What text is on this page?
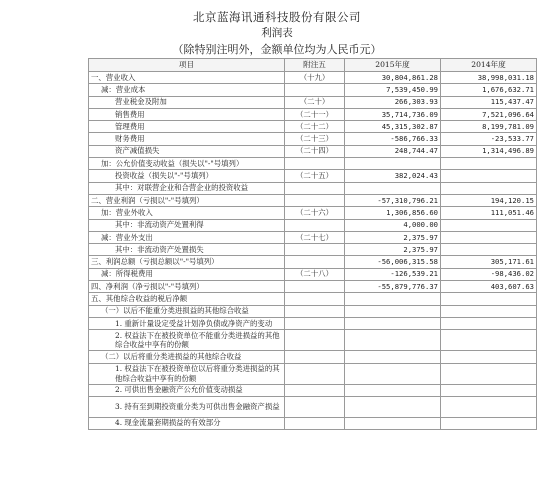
北京蓝海讯通科技股份有限公司
利润表
（除特别注明外，金额单位均为人民币元）
项目	附注五	2015年度	2014年度
一、营业收入	（十九）	30,804,861.28	38,998,031.18
减：营业成本		7,539,450.99	1,676,632.71
营业税金及附加	（二十）	266,303.93	115,437.47
销售费用	（二十一）	35,714,736.09	7,521,096.64
管理费用	（二十二）	45,315,302.87	8,199,781.09
财务费用	（二十三）	-586,766.33	-23,533.77
资产减值损失	（二十四）	248,744.47	1,314,496.89
加：公允价值变动收益（损失以"-"号填列）			
投资收益（损失以"-"号填列）	（二十五）	382,024.43	
其中：对联营企业和合营企业的投资收益			
二、营业利润（亏损以"-"号填列）		-57,310,796.21	194,120.15
加：营业外收入	（二十六）	1,306,856.60	111,051.46
其中：非流动资产处置利得		4,000.00	
减：营业外支出	（二十七）	2,375.97	
其中：非流动资产处置损失		2,375.97	
三、利润总额（亏损总额以"-"号填列）		-56,006,315.58	305,171.61
减：所得税费用	（二十八）	-126,539.21	-98,436.02
四、净利润（净亏损以"-"号填列）		-55,879,776.37	403,607.63
五、其他综合收益的税后净额			
（一）以后不能重分类进损益的其他综合收益			
1. 重新计量设定受益计划净负债或净资产的变动			
2. 权益法下在被投资单位不能重分类进损益的其他综合收益中享有的份额			
（二）以后将重分类进损益的其他综合收益			
1. 权益法下在被投资单位以后将重分类进损益的其他综合收益中享有的份额			
2. 可供出售金融资产公允价值变动损益			
3. 持有至到期投资重分类为可供出售金融资产损益			
4. 现金流量套期损益的有效部分			
